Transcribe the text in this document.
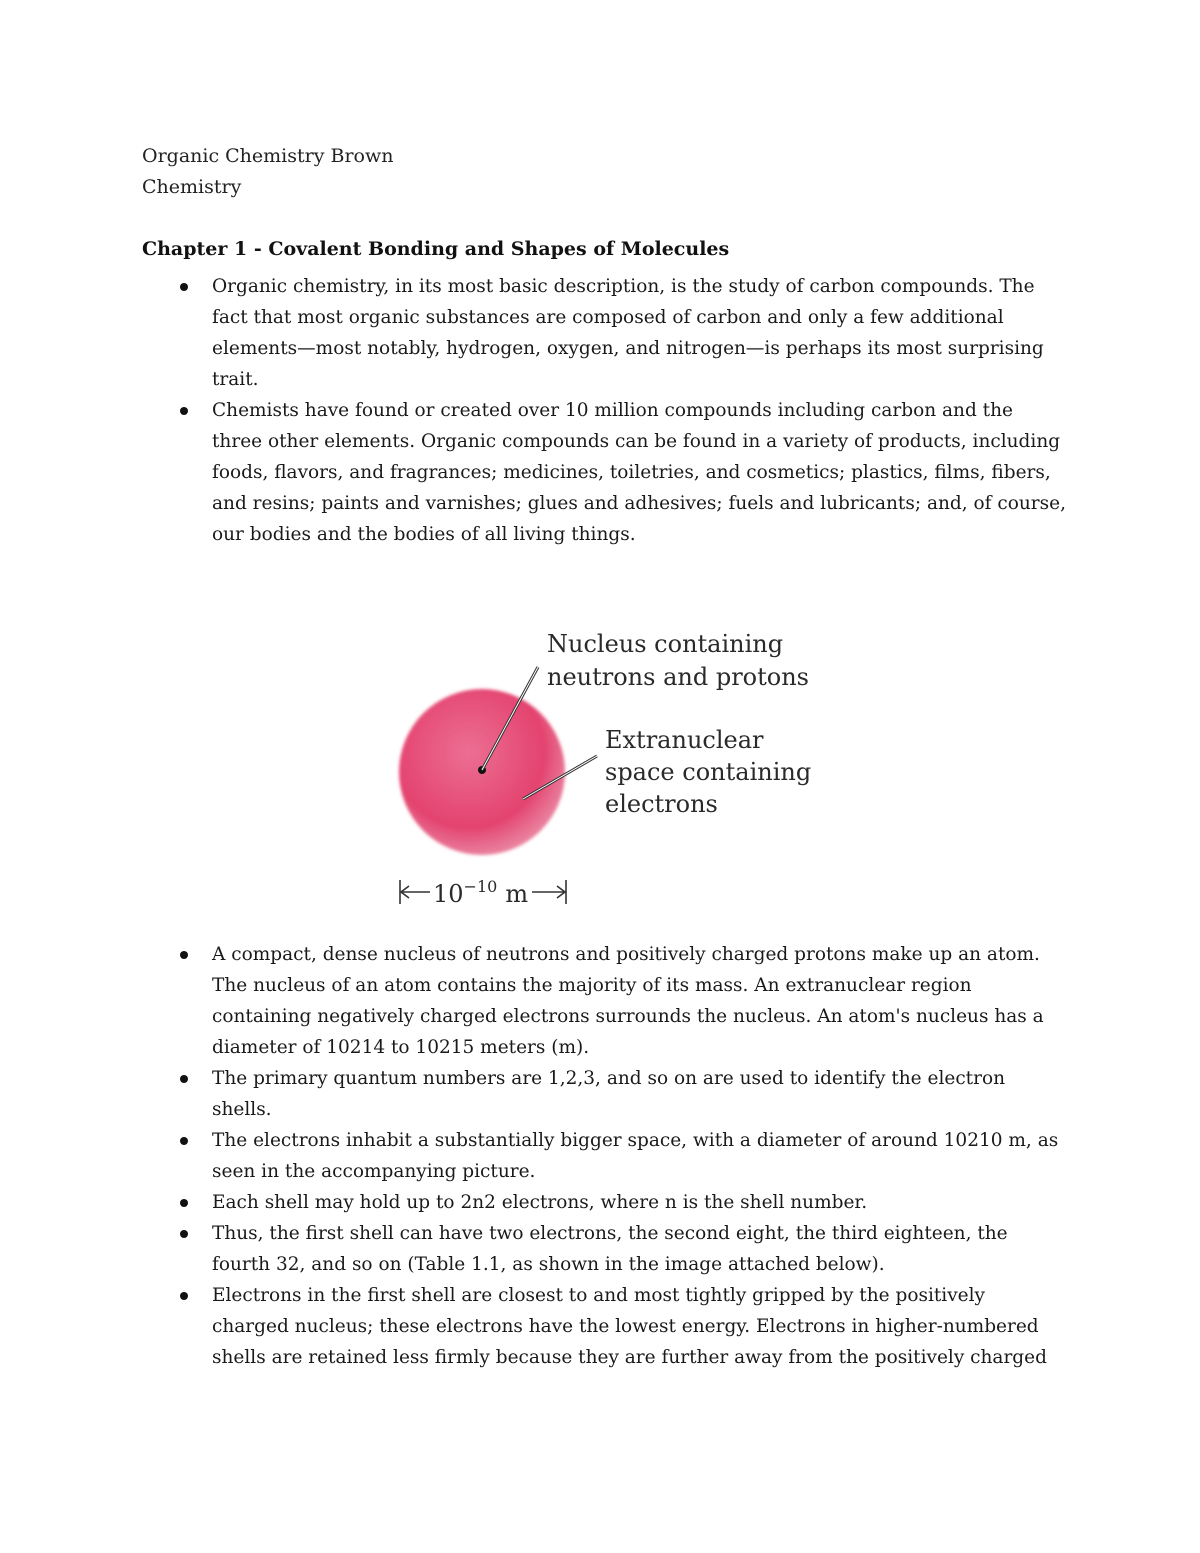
Organic Chemistry Brown

Chemistry

Chapter 1 - Covalent Bonding and Shapes of Molecules
Organic chemistry, in its most basic description, is the study of carbon compounds. The fact that most organic substances are composed of carbon and only a few additional elements—most notably, hydrogen, oxygen, and nitrogen—is perhaps its most surprising trait.
Chemists have found or created over 10 million compounds including carbon and the three other elements. Organic compounds can be found in a variety of products, including foods, flavors, and fragrances; medicines, toiletries, and cosmetics; plastics, films, fibers, and resins; paints and varnishes; glues and adhesives; fuels and lubricants; and, of course, our bodies and the bodies of all living things.
Nucleus containing
neutrons and protons
Extranuclear
space containing
electrons
$10^{-10}$ m
A compact, dense nucleus of neutrons and positively charged protons make up an atom. The nucleus of an atom contains the majority of its mass. An extranuclear region containing negatively charged electrons surrounds the nucleus. An atom's nucleus has a diameter of 10214 to 10215 meters (m).
The primary quantum numbers are 1,2,3, and so on are used to identify the electron shells.
The electrons inhabit a substantially bigger space, with a diameter of around 10210 m, as seen in the accompanying picture.
Each shell may hold up to 2n2 electrons, where n is the shell number.
Thus, the first shell can have two electrons, the second eight, the third eighteen, the fourth 32, and so on (Table 1.1, as shown in the image attached below).
Electrons in the first shell are closest to and most tightly gripped by the positively charged nucleus; these electrons have the lowest energy. Electrons in higher-numbered shells are retained less firmly because they are further away from the positively charged
